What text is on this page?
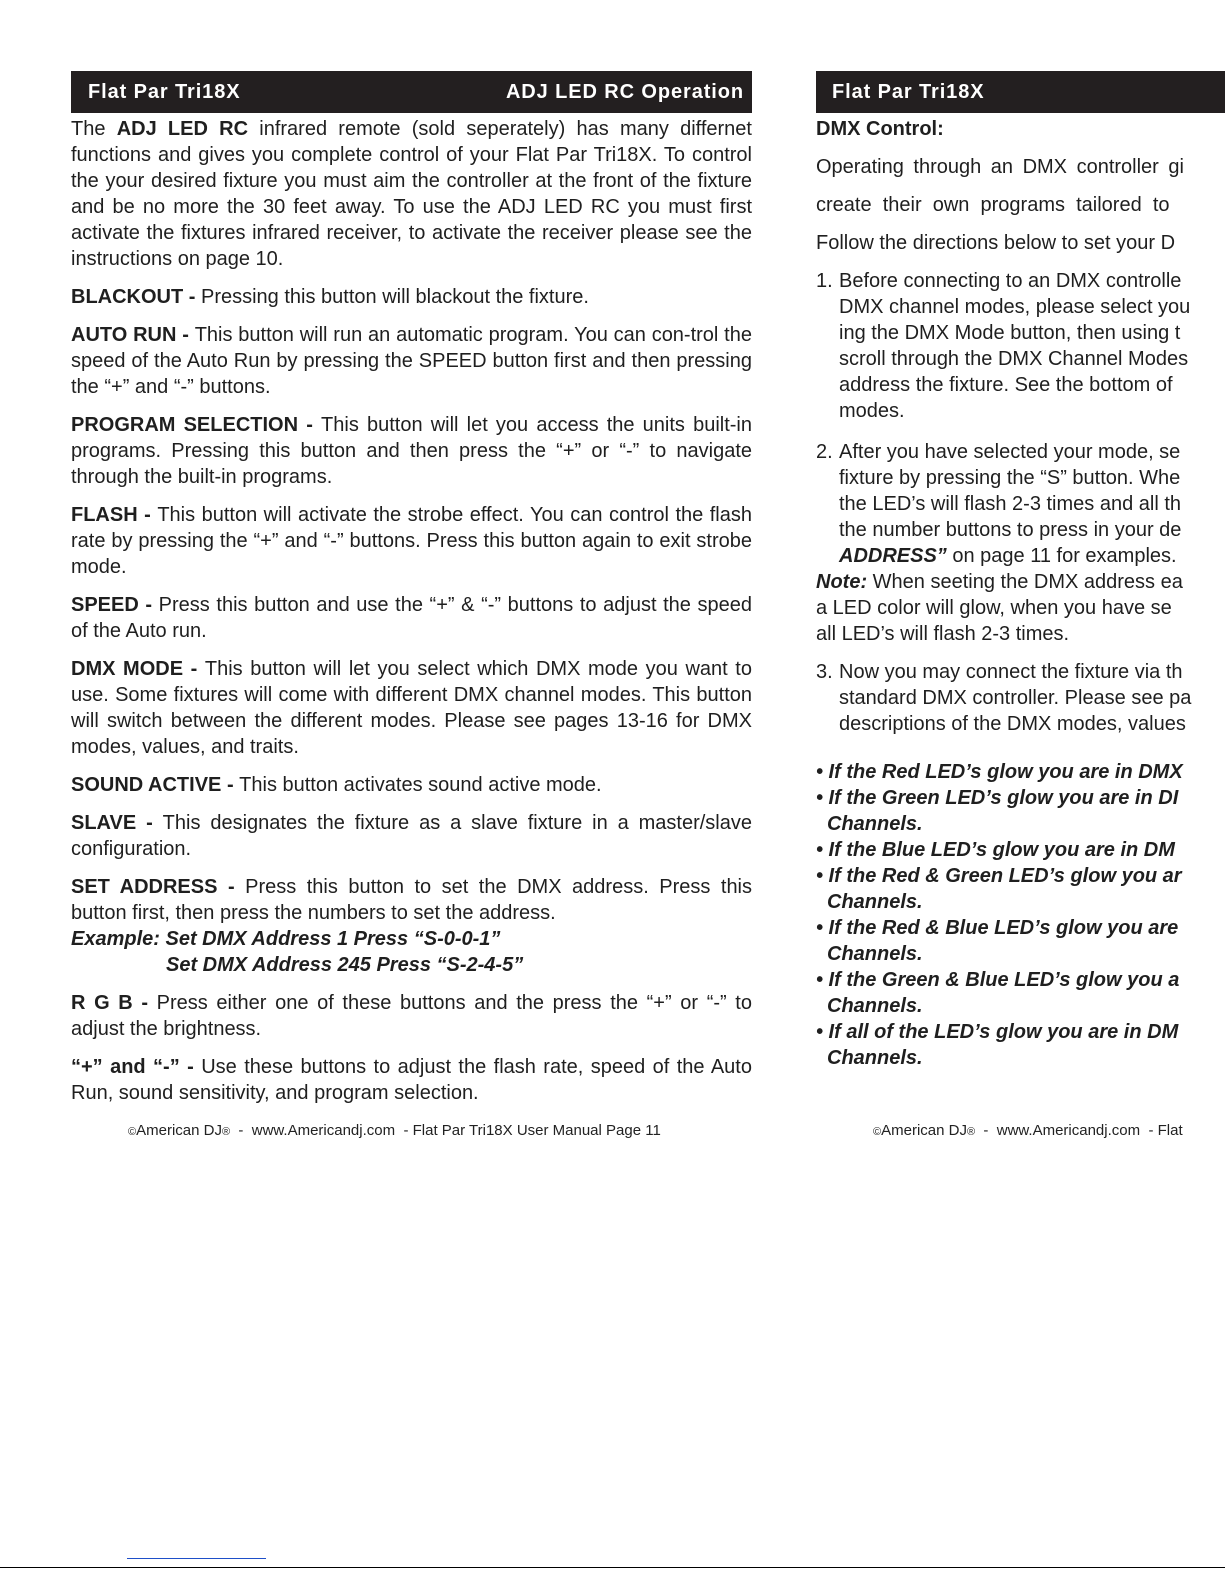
Flat Par Tri18X	ADJ LED RC Operation

The ADJ LED RC infrared remote (sold seperately) has many differnet functions and gives you complete control of your Flat Par Tri18X. To control the your desired fixture you must aim the controller at the front of the fixture and be no more the 30 feet away. To use the ADJ LED RC you must first activate the fixtures infrared receiver, to activate the receiver please see the instructions on page 10.

BLACKOUT - Pressing this button will blackout the fixture.

AUTO RUN - This button will run an automatic program. You can con-trol the speed of the Auto Run by pressing the SPEED button first and then pressing the “+” and “-” buttons.

PROGRAM SELECTION - This button will let you access the units built-in programs. Pressing this button and then press the “+” or “-” to navigate through the built-in programs.

FLASH - This button will activate the strobe effect. You can control the flash rate by pressing the “+” and “-” buttons. Press this button again to exit strobe mode.

SPEED - Press this button and use the “+” & “-” buttons to adjust the speed of the Auto run.

DMX MODE - This button will let you select which DMX mode you want to use. Some fixtures will come with different DMX channel modes. This button will switch between the different modes. Please see pages 13-16 for DMX modes, values, and traits.

SOUND ACTIVE - This button activates sound active mode.

SLAVE - This designates the fixture as a slave fixture in a master/slave configuration.

SET ADDRESS - Press this button to set the DMX address. Press this button first, then press the numbers to set the address.

Example: Set DMX Address 1 Press “S-0-0-1”
Set DMX Address 245 Press “S-2-4-5”

R G B - Press either one of these buttons and the press the “+” or “-” to adjust the brightness.

“+” and “-” - Use these buttons to adjust the flash rate, speed of the Auto Run, sound sensitivity, and program selection.

©American DJ®  -  www.Americandj.com  - Flat Par Tri18X User Manual Page 11
Flat Par Tri18X

DMX Control:

Operating through an DMX controller gi

create  their  own  programs  tailored  to

Follow the directions below to set your D

1. Before connecting to an DMX controlle
DMX channel modes, please select you
ing the DMX Mode button, then using t
scroll through the DMX Channel Modes
address the fixture. See the bottom of
modes.
2. After you have selected your mode, se
fixture by pressing the “S” button. Whe
the LED’s will flash 2-3 times and all th
the number buttons to press in your de
ADDRESS” on page 11 for examples.
Note: When seeting the DMX address ea
a LED color will glow, when you have se
all LED’s will flash 2-3 times.
3. Now you may connect the fixture via th
standard DMX controller. Please see pa
descriptions of the DMX modes, values
• If the Red LED’s glow you are in DMX
• If the Green LED’s glow you are in DI
Channels.
• If the Blue LED’s glow you are in DM
• If the Red & Green LED’s glow you ar
Channels.
• If the Red & Blue LED’s glow you are
Channels.
• If the Green & Blue LED’s glow you a
Channels.
• If all of the LED’s glow you are in DM
Channels.
©American DJ®  -  www.Americandj.com  - Flat
